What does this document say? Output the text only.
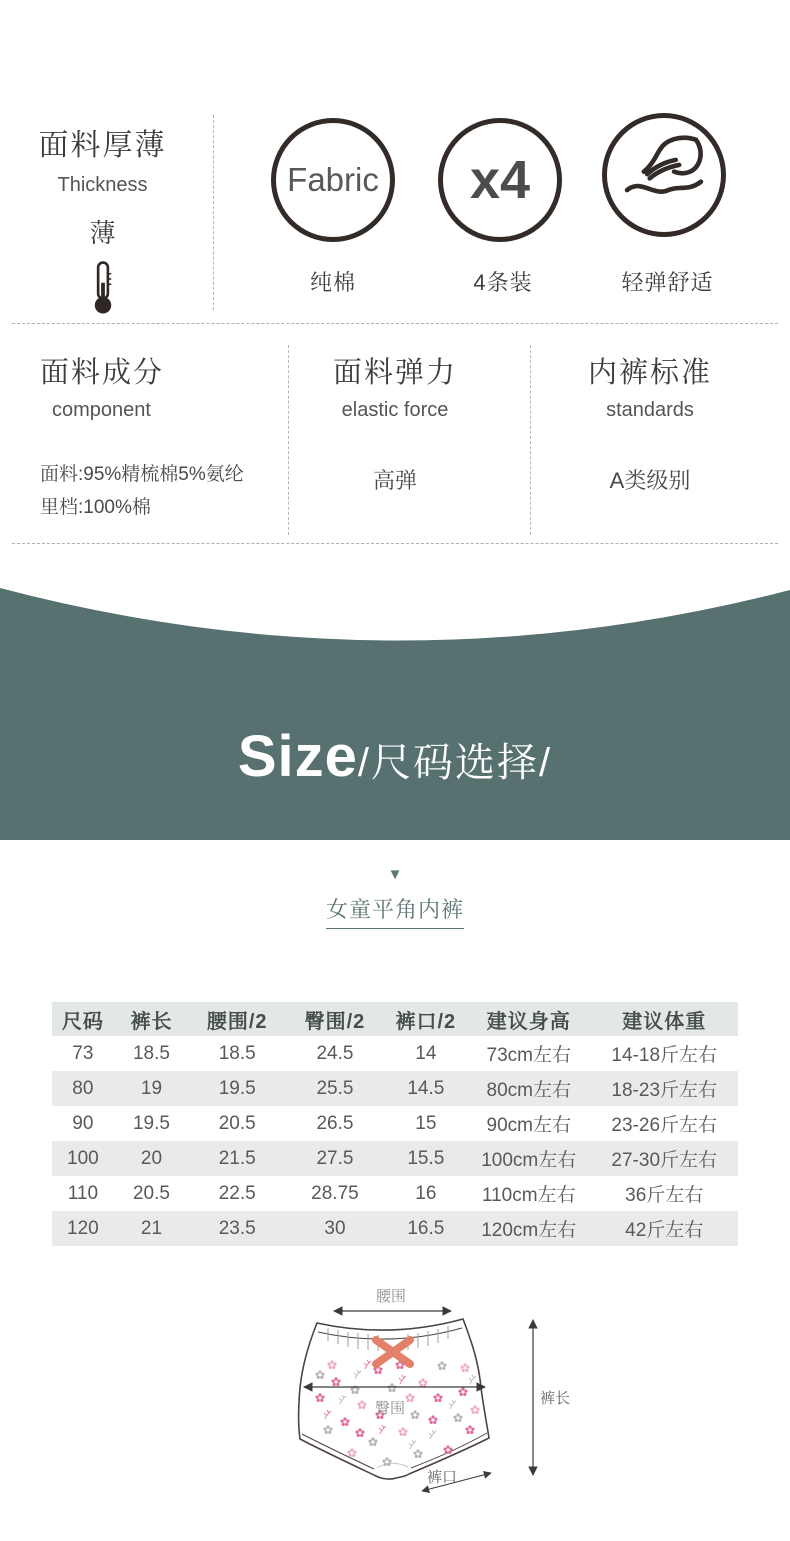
面料厚薄
Thickness
薄
Fabric x4
纯棉	4条装	轻弹舒适
面料成分
component
面料:95%精梳棉5%氨纶
里档:100%棉
面料弹力
elastic force
高弹
内裤标准
standards
A类级别
Size /尺码选择/
▼
女童平角内裤
尺码	裤长	腰围/2	臀围/2	裤口/2	建议身高	建议体重
73	18.5	18.5	24.5	14	73cm左右	14-18斤左右
80	19	19.5	25.5	14.5	80cm左右	18-23斤左右
90	19.5	20.5	26.5	15	90cm左右	23-26斤左右
100	20	21.5	27.5	15.5	100cm左右	27-30斤左右
110	20.5	22.5	28.75	16	110cm左右	36斤左右
120	21	23.5	30	16.5	120cm左右	42斤左右
腰围
臀围
裤长
裤口
